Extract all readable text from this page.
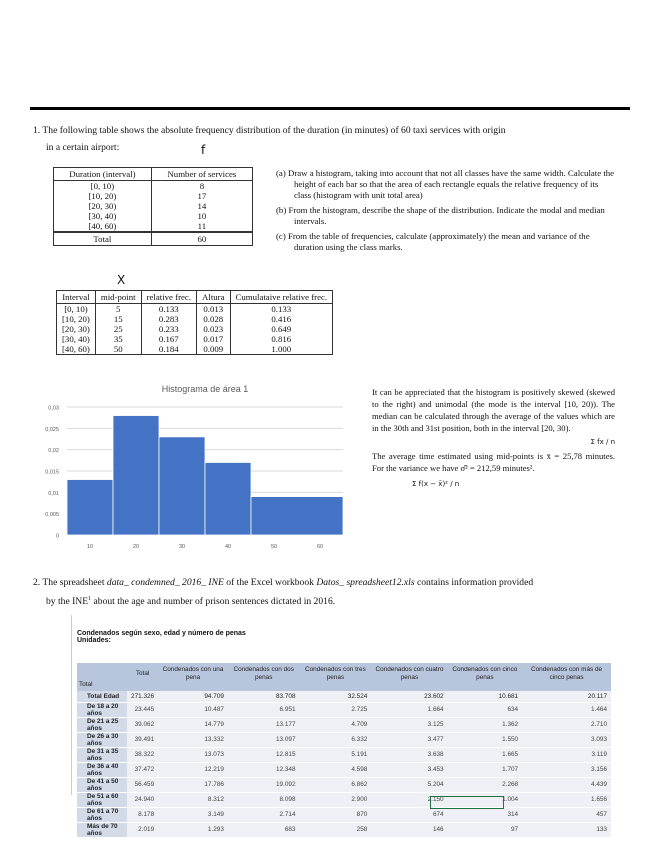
1. The following table shows the absolute frequency distribution of the duration (in minutes) of 60 taxi services with origin
in a certain airport:	f
Duration (interval)	Number of services
[0, 10)	8
[10, 20)	17
[20, 30)	14
[30, 40)	10
[40, 60)	11
Total	60
(a) Draw a histogram, taking into account that not all classes have the same width. Calculate the height of each bar so that the area of each rectangle equals the relative frequency of its class (histogram with unit total area)
(b) From the histogram, describe the shape of the distribution. Indicate the modal and median intervals.
(c) From the table of frequencies, calculate (approximately) the mean and variance of the duration using the class marks.
X
Interval	mid-point	relative frec.	Altura	Cumulataive relative frec.
[0, 10)	5	0.133	0.013	0.133
[10, 20)	15	0.283	0.028	0.416
[20, 30)	25	0.233	0.023	0.649
[30, 40)	35	0.167	0.017	0.816
[40, 60)	50	0.184	0.009	1.000
Histograma de área 1
0
0,005
0,01
0,015
0,02
0,025
0,03
10	20	30	40	50	60
It can be appreciated that the histogram is positively skewed (skewed to the right) and unimodal (the mode is the interval [10, 20)). The median can be calculated through the average of the values which are in the 30th and 31st position, both in the interval [20, 30).
Σ fx / n
The average time estimated using mid-points is x̄ = 25,78 minutes. For the variance we have σ̂² = 212,59 minutes².
Σ f(x − x̄)² / n
2. The spreadsheet data_ condemned_ 2016_ INE of the Excel workbook Datos_ spreadsheet12.xls contains information provided
by the INE$^1$ about the age and number of prison sentences dictated in 2016.
Condenados según sexo, edad y número de penas
Unidades:
Total	Total	Condenados con una pena	Condenados con dos penas	Condenados con tres penas	Condenados con cuatro penas	Condenados con cinco penas	Condenados con más de cinco penas

Total Edad	271.326	94.709	83.708	32.524	23.602	10.681	20.117
De 18 a 20 años	23.445	10.487	6.951	2.725	1.664	634	1.464
De 21 a 25 años	39.062	14.779	13.177	4.709	3.125	1.362	2.710
De 26 a 30 años	39.491	13.332	13.097	6.332	3.477	1.550	3.093
De 31 a 35 años	38.322	13.073	12.815	5.191	3.638	1.665	3.119
De 36 a 40 años	37.472	12.219	12.348	4.598	3.453	1.707	3.156
De 41 a 50 años	56.459	17.786	19.092	6.862	5.204	2.268	4.439
De 51 a 60 años	24.940	8.312	8.098	2.900	2.150	1.004	1.656
De 61 a 70 años	8.178	3.149	2.714	870	674	314	457
Más de 70 años	2.019	1.293	683	258	146	97	133
